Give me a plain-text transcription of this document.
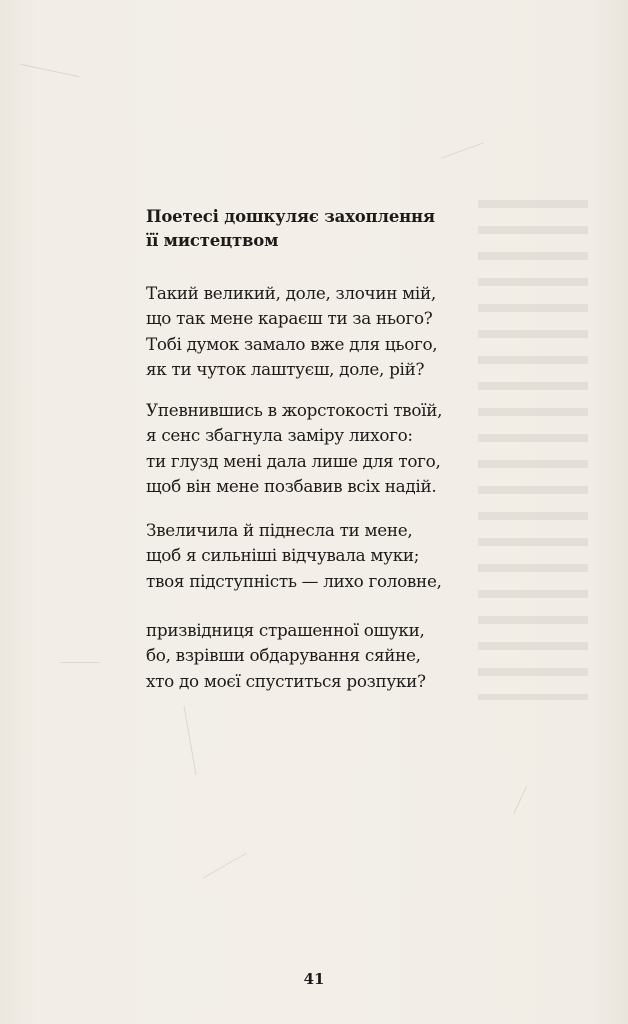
Поетесі дошкуляє захоплення
її мистецтвом

Такий великий, доле, злочин мій,
що так мене караєш ти за нього?
Тобі думок замало вже для цього,
як ти чуток лаштуєш, доле, рій?

Упевнившись в жорстокості твоїй,
я сенс збагнула заміру лихого:
ти глузд мені дала лише для того,
щоб він мене позбавив всіх надій.

Звеличила й піднесла ти мене,
щоб я сильніші відчувала муки;
твоя підступність — лихо головне,

призвідниця страшенної ошуки,
бо, взрівши обдарування сяйне,
хто до моєї спуститься розпуки?

41
